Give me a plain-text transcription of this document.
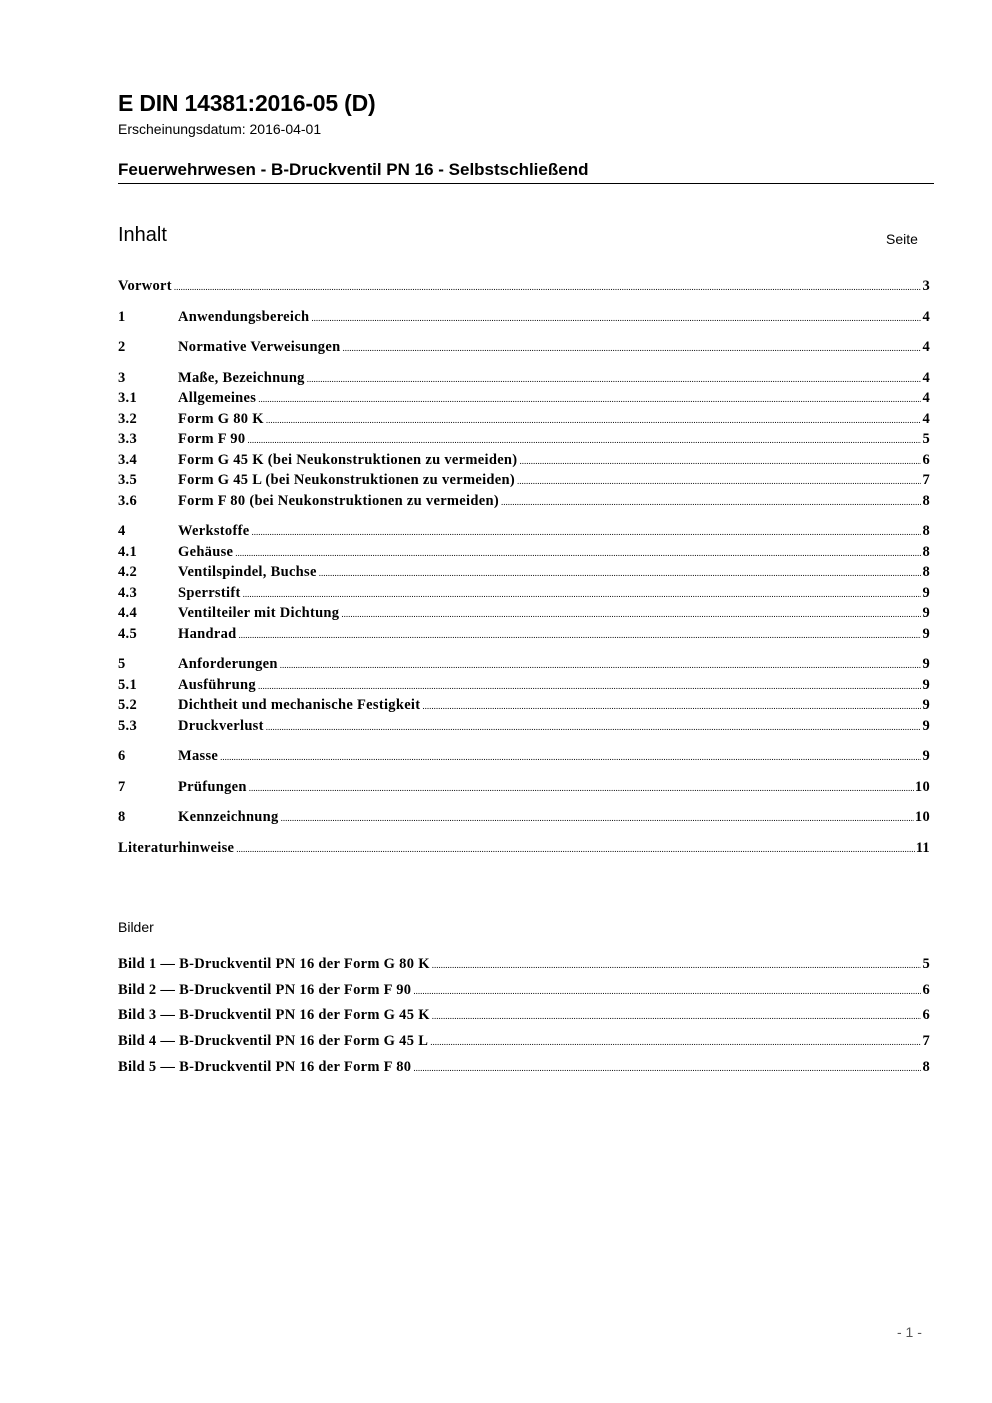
E DIN 14381:2016-05 (D)
Erscheinungsdatum: 2016-04-01
Feuerwehrwesen - B-Druckventil PN 16 - Selbstschließend
Inhalt	Seite
Vorwort .....	3
1	Anwendungsbereich .....	4
2	Normative Verweisungen .....	4
3	Maße, Bezeichnung .....	4
3.1	Allgemeines .....	4
3.2	Form G 80 K .....	4
3.3	Form F 90 .....	5
3.4	Form G 45 K (bei Neukonstruktionen zu vermeiden) .....	6
3.5	Form G 45 L (bei Neukonstruktionen zu vermeiden) .....	7
3.6	Form F 80 (bei Neukonstruktionen zu vermeiden) .....	8
4	Werkstoffe .....	8
4.1	Gehäuse .....	8
4.2	Ventilspindel, Buchse .....	8
4.3	Sperrstift .....	9
4.4	Ventilteiler mit Dichtung .....	9
4.5	Handrad .....	9
5	Anforderungen .....	9
5.1	Ausführung .....	9
5.2	Dichtheit und mechanische Festigkeit .....	9
5.3	Druckverlust .....	9
6	Masse .....	9
7	Prüfungen .....	10
8	Kennzeichnung .....	10
Literaturhinweise .....	11
Bilder
Bild 1 — B-Druckventil PN 16 der Form G 80 K .....	5
Bild 2 — B-Druckventil PN 16 der Form F 90 .....	6
Bild 3 — B-Druckventil PN 16 der Form G 45 K .....	6
Bild 4 — B-Druckventil PN 16 der Form G 45 L .....	7
Bild 5 — B-Druckventil PN 16 der Form F 80 .....	8
- 1 -
